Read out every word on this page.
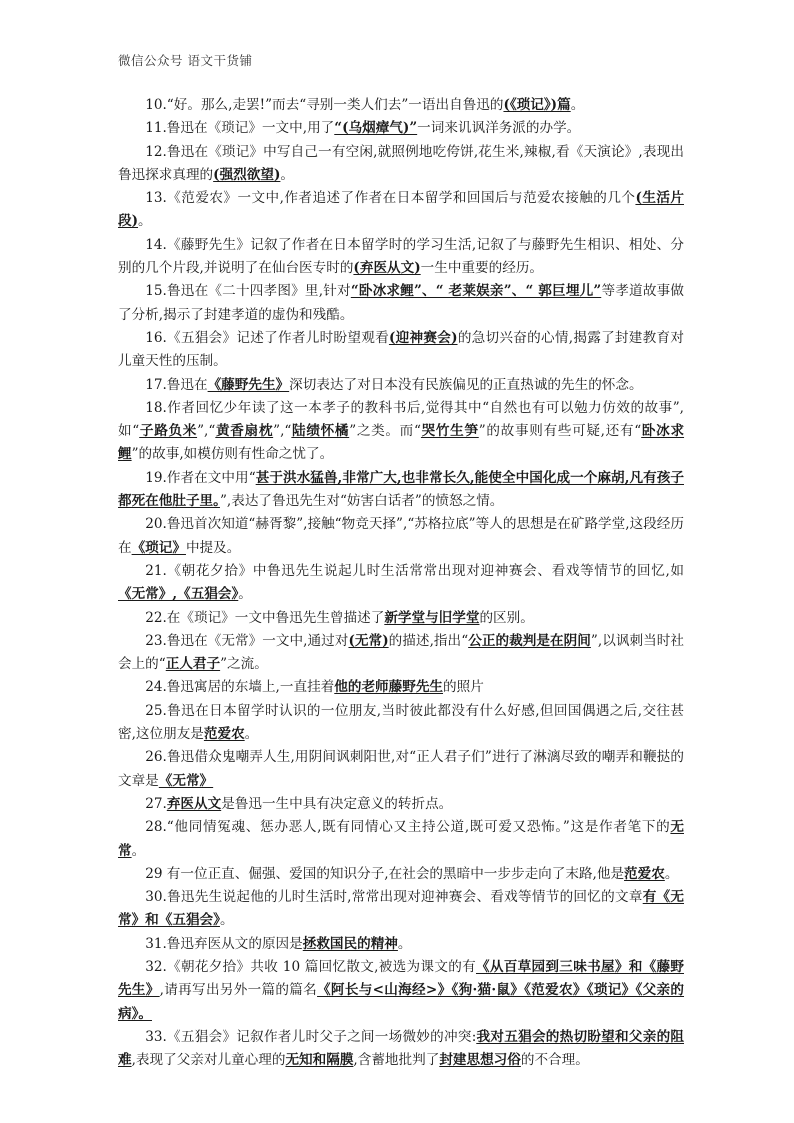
微信公众号 语文干货铺

10.“好。那么,走罢!”而去“寻别一类人们去”一语出自鲁迅的(《琐记》)篇。

11.鲁迅在《琐记》一文中,用了“(乌烟瘴气)”一词来讥讽洋务派的办学。

12.鲁迅在《琐记》中写自己一有空闲,就照例地吃侉饼,花生米,辣椒,看《天演论》,表现出鲁迅探求真理的(强烈欲望)。

13.《范爱农》一文中,作者追述了作者在日本留学和回国后与范爱农接触的几个(生活片段)。

14.《藤野先生》记叙了作者在日本留学时的学习生活,记叙了与藤野先生相识、相处、分别的几个片段,并说明了在仙台医专时的(弃医从文)一生中重要的经历。

15.鲁迅在《二十四孝图》里,针对“卧冰求鲤”、“ 老莱娱亲”、“ 郭巨埋儿”等孝道故事做了分析,揭示了封建孝道的虚伪和残酷。

16.《五猖会》记述了作者儿时盼望观看(迎神赛会)的急切兴奋的心情,揭露了封建教育对儿童天性的压制。

17.鲁迅在《藤野先生》深切表达了对日本没有民族偏见的正直热诚的先生的怀念。

18.作者回忆少年读了这一本孝子的教科书后,觉得其中“自然也有可以勉力仿效的故事”,如“子路负米”,“黄香扇枕”,“陆绩怀橘”之类。而“哭竹生笋”的故事则有些可疑,还有“卧冰求鲤”的故事,如模仿则有性命之忧了。

19.作者在文中用“甚于洪水猛兽,非常广大,也非常长久,能使全中国化成一个麻胡,凡有孩子都死在他肚子里。”,表达了鲁迅先生对“妨害白话者”的愤怒之情。

20.鲁迅首次知道“赫胥黎”,接触“物竞天择”,“苏格拉底”等人的思想是在矿路学堂,这段经历在《琐记》中提及。

21.《朝花夕拾》中鲁迅先生说起儿时生活常常出现对迎神赛会、看戏等情节的回忆,如《无常》,《五猖会》。

22.在《琐记》一文中鲁迅先生曾描述了新学堂与旧学堂的区别。

23.鲁迅在《无常》一文中,通过对(无常)的描述,指出“公正的裁判是在阴间”,以讽刺当时社会上的“正人君子”之流。

24.鲁迅寓居的东墙上,一直挂着他的老师藤野先生的照片

25.鲁迅在日本留学时认识的一位朋友,当时彼此都没有什么好感,但回国偶遇之后,交往甚密,这位朋友是范爱农。

26.鲁迅借众鬼嘲弄人生,用阴间讽刺阳世,对“正人君子们”进行了淋漓尽致的嘲弄和鞭挞的文章是《无常》

27.弃医从文是鲁迅一生中具有决定意义的转折点。

28.“他同情冤魂、惩办恶人,既有同情心又主持公道,既可爱又恐怖。”这是作者笔下的无常。

29 有一位正直、倔强、爱国的知识分子,在社会的黑暗中一步步走向了末路,他是范爱农。

30.鲁迅先生说起他的儿时生活时,常常出现对迎神赛会、看戏等情节的回忆的文章有《无常》和《五猖会》。

31.鲁迅弃医从文的原因是拯救国民的精神。

32.《朝花夕拾》共收 10 篇回忆散文,被选为课文的有《从百草园到三味书屋》和《藤野先生》,请再写出另外一篇的篇名《阿长与<山海经>》《狗·猫·鼠》《范爱农》《琐记》《父亲的病》。

33.《五猖会》记叙作者儿时父子之间一场微妙的冲突:我对五猖会的热切盼望和父亲的阻难,表现了父亲对儿童心理的无知和隔膜,含蓄地批判了封建思想习俗的不合理。
